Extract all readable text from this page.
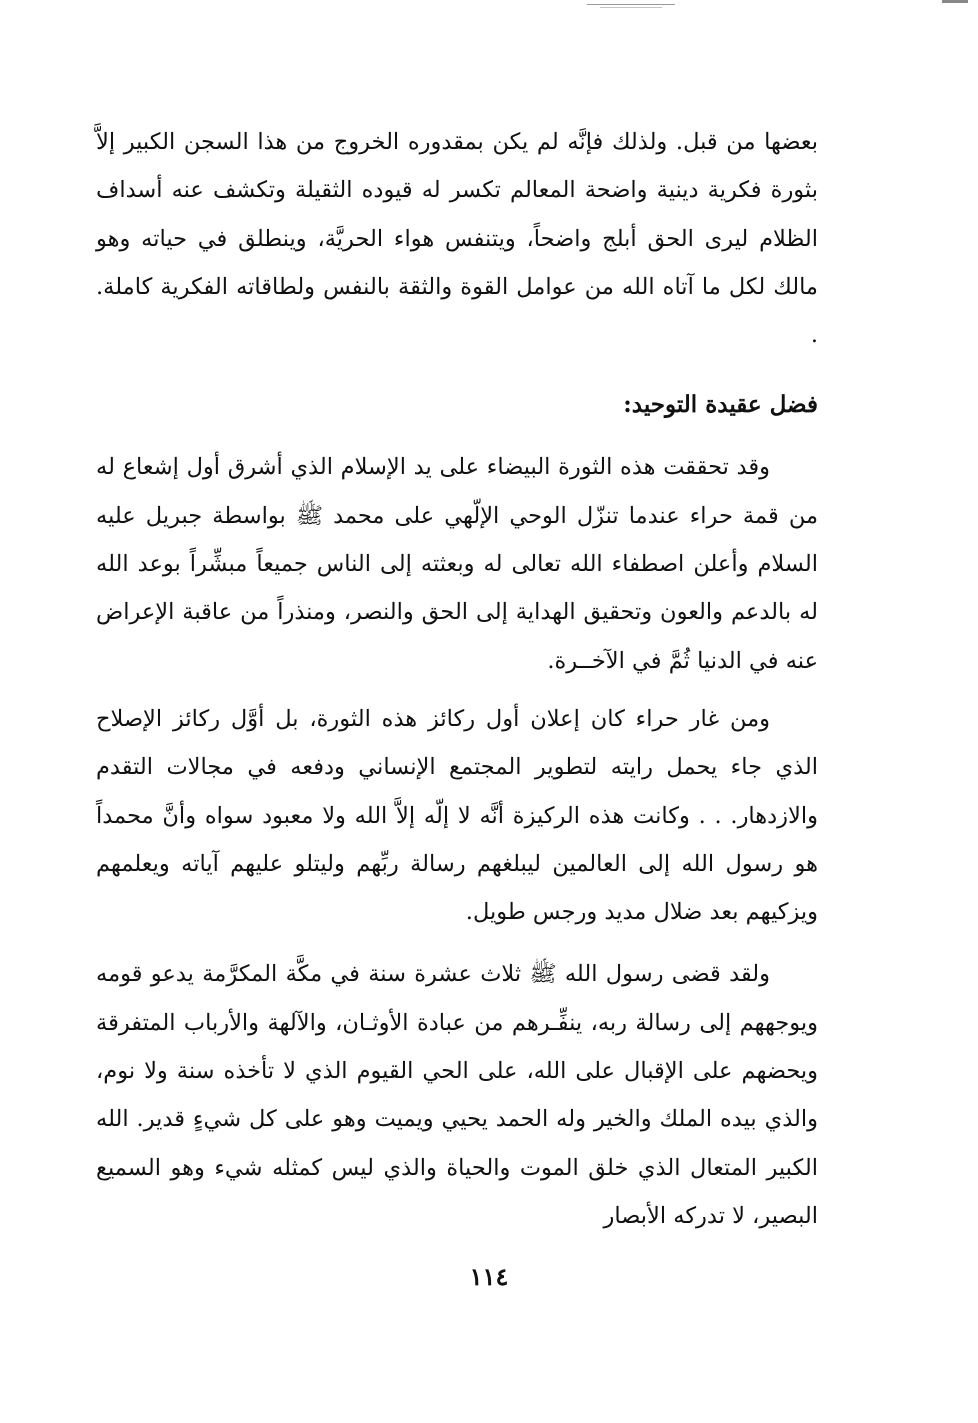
بعضها من قبل. ولذلك فإنَّه لم يكن بمقدوره الخروج من هذا السجن الكبير إلاَّ بثورة فكرية دينية واضحة المعالم تكسر له قيوده الثقيلة وتكشف عنه أسداف الظلام ليرى الحق أبلج واضحاً، ويتنفس هواء الحريَّة، وينطلق في حياته وهو مالك لكل ما آتاه الله من عوامل القوة والثقة بالنفس ولطاقاته الفكرية كاملة. .

فضل عقيدة التوحيد:

وقد تحققت هذه الثورة البيضاء على يد الإسلام الذي أشرق أول إشعاع له من قمة حراء عندما تنزّل الوحي الإلّهي على محمد ﷺ بواسطة جبريل عليه السلام وأعلن اصطفاء الله تعالى له وبعثته إلى الناس جميعاً مبشِّراً بوعد الله له بالدعم والعون وتحقيق الهداية إلى الحق والنصر، ومنذراً من عاقبة الإعراض عنه في الدنيا ثُمَّ في الآخــرة.

ومن غار حراء كان إعلان أول ركائز هذه الثورة، بل أوَّل ركائز الإصلاح الذي جاء يحمل رايته لتطوير المجتمع الإنساني ودفعه في مجالات التقدم والازدهار. . . وكانت هذه الركيزة أنَّه لا إلّه إلاَّ الله ولا معبود سواه وأنَّ محمداً هو رسول الله إلى العالمين ليبلغهم رسالة ربِّهم وليتلو عليهم آياته ويعلمهم ويزكيهم بعد ضلال مديد ورجس طويل.

ولقد قضى رسول الله ﷺ ثلاث عشرة سنة في مكَّة المكرَّمة يدعو قومه ويوجههم إلى رسالة ربه، ينفِّـرهم من عبادة الأوثـان، والآلهة والأرباب المتفرقة ويحضهم على الإقبال على الله، على الحي القيوم الذي لا تأخذه سنة ولا نوم، والذي بيده الملك والخير وله الحمد يحيي ويميت وهو على كل شيءٍ قدير. الله الكبير المتعال الذي خلق الموت والحياة والذي ليس كمثله شيء وهو السميع البصير، لا تدركه الأبصار

١١٤
